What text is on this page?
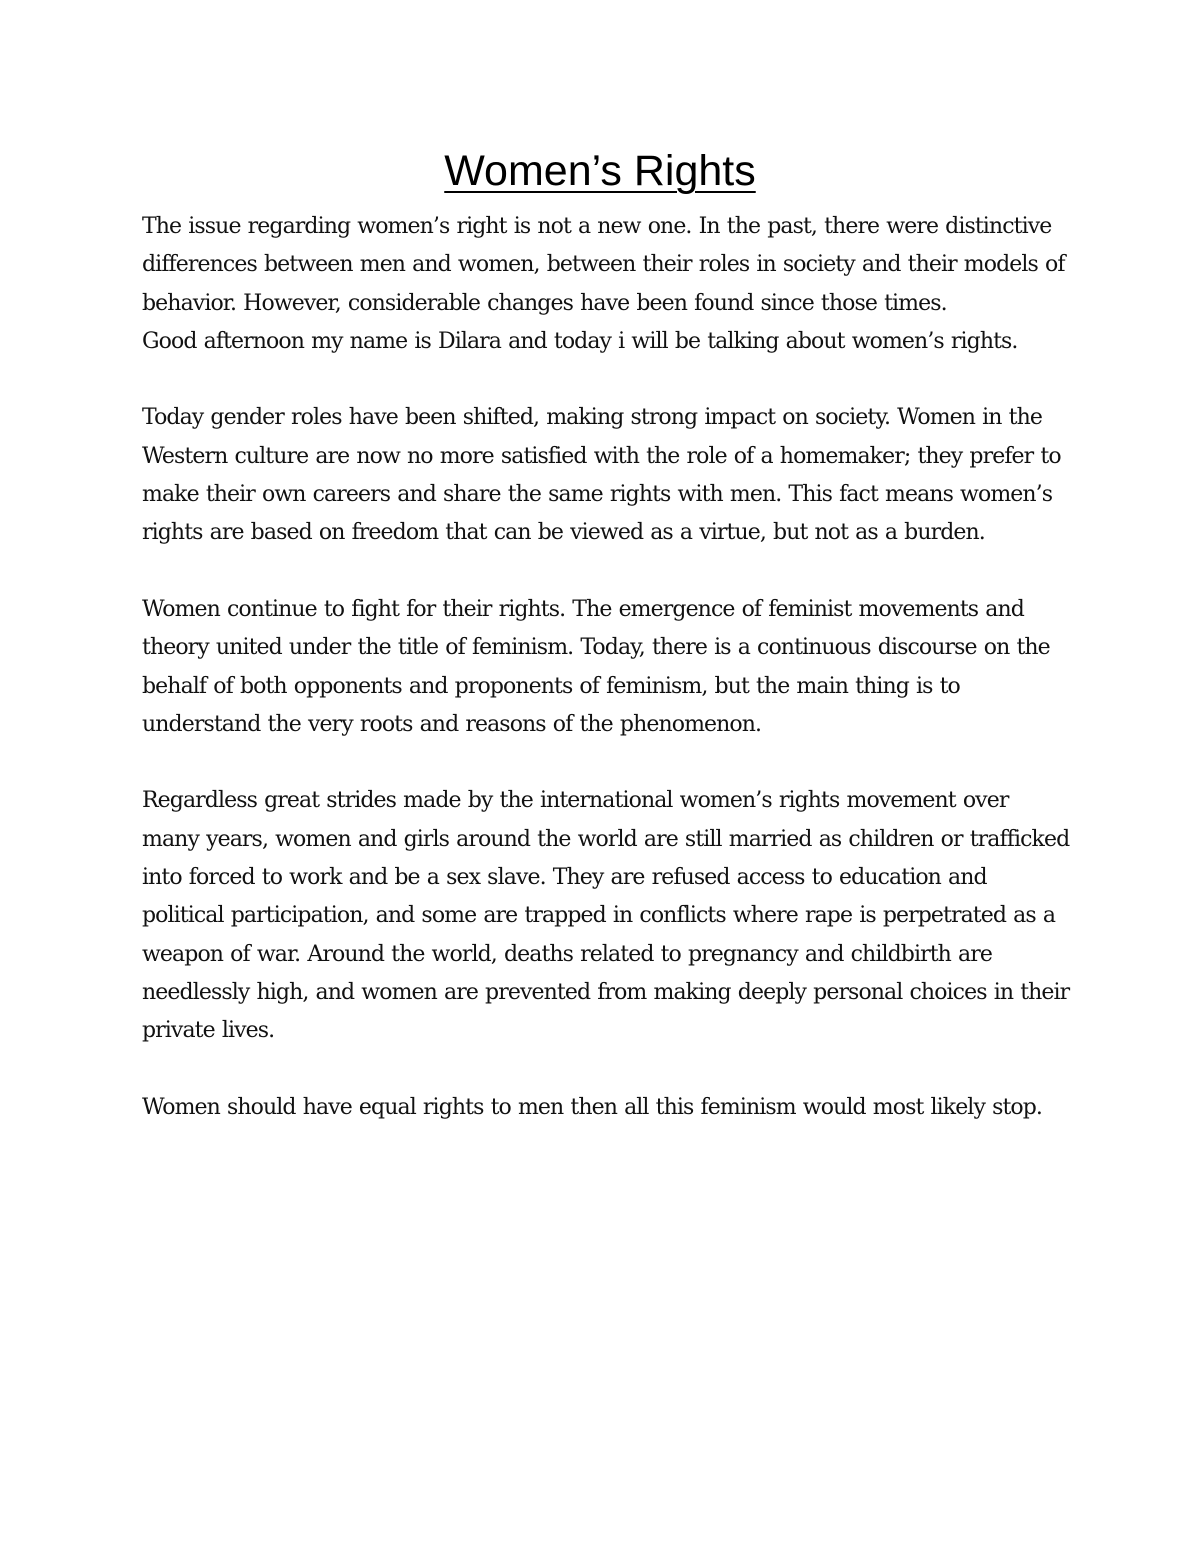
Women’s Rights

The issue regarding women’s right is not a new one. In the past, there were distinctive differences between men and women, between their roles in society and their models of behavior. However, considerable changes have been found since those times.

Good afternoon my name is Dilara and today i will be talking about women’s rights.

Today gender roles have been shifted, making strong impact on society. Women in the Western culture are now no more satisfied with the role of a homemaker; they prefer to make their own careers and share the same rights with men. This fact means women’s rights are based on freedom that can be viewed as a virtue, but not as a burden.

Women continue to fight for their rights. The emergence of feminist movements and theory united under the title of feminism. Today, there is a continuous discourse on the behalf of both opponents and proponents of feminism, but the main thing is to understand the very roots and reasons of the phenomenon.

Regardless great strides made by the international women’s rights movement over many years, women and girls around the world are still married as children or trafficked into forced to work and be a sex slave. They are refused access to education and political participation, and some are trapped in conflicts where rape is perpetrated as a weapon of war. Around the world, deaths related to pregnancy and childbirth are needlessly high, and women are prevented from making deeply personal choices in their private lives.

Women should have equal rights to men then all this feminism would most likely stop.
